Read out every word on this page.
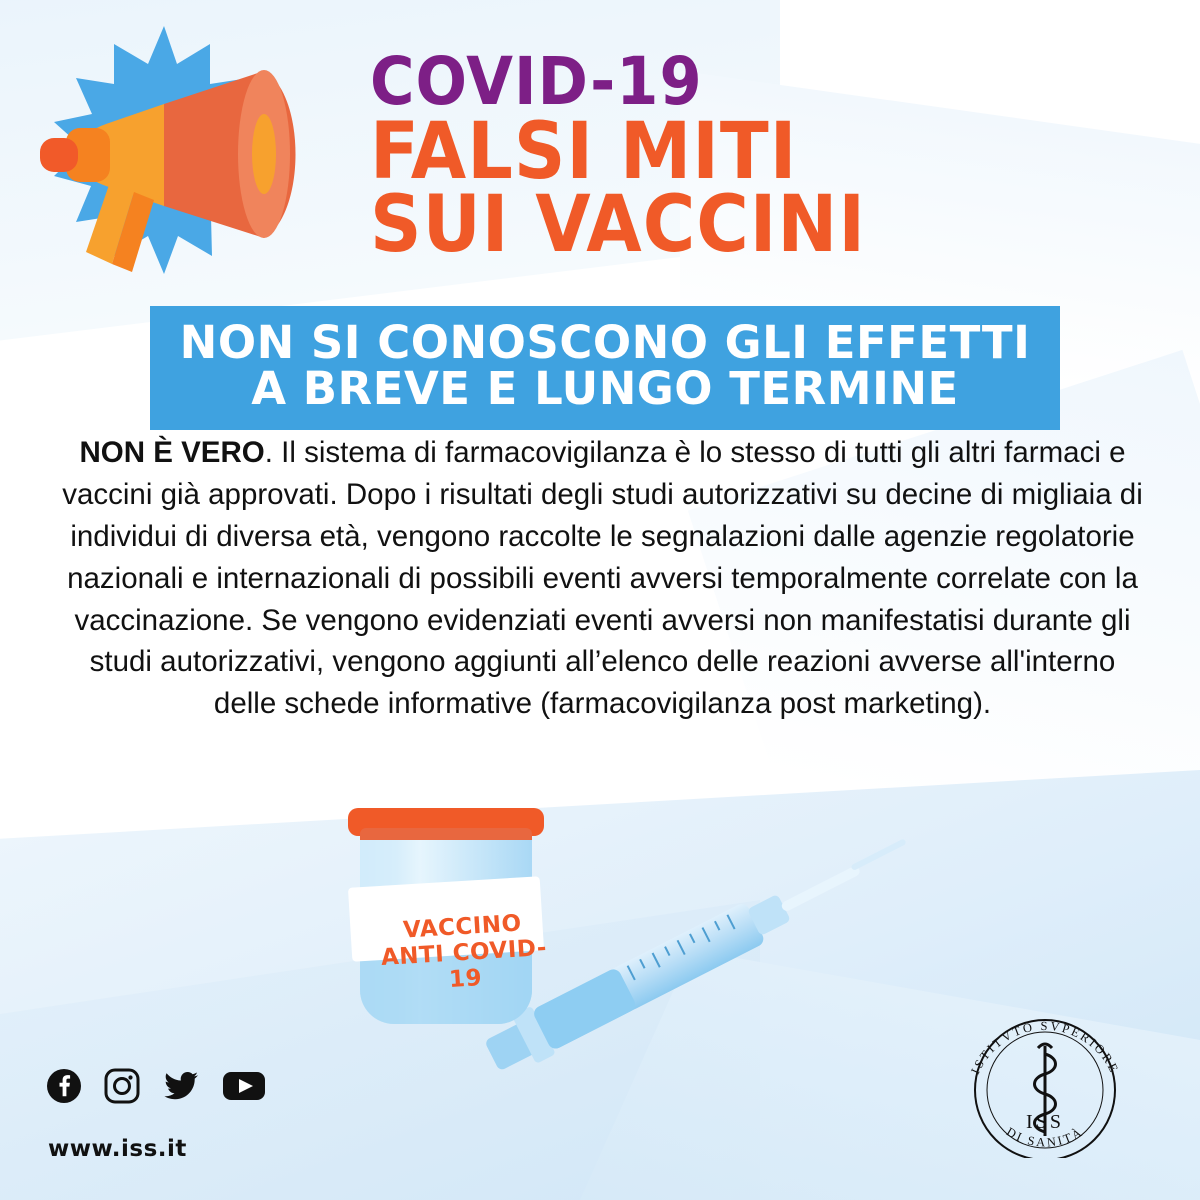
COVID-19
FALSI MITI
SUI VACCINI
NON SI CONOSCONO GLI EFFETTI
A BREVE E LUNGO TERMINE
NON È VERO. Il sistema di farmacovigilanza è lo stesso di tutti gli altri farmaci e vaccini già approvati. Dopo i risultati degli studi autorizzativi su decine di migliaia di individui di diversa età, vengono raccolte le segnalazioni dalle agenzie regolatorie nazionali e internazionali di possibili eventi avversi temporalmente correlate con la vaccinazione. Se vengono evidenziati eventi avversi non manifestatisi durante gli studi autorizzativi, vengono aggiunti all’elenco delle reazioni avverse all'interno delle schede informative (farmacovigilanza post marketing).
VACCINO
ANTI COVID-19
www.iss.it
ISTITVTO SVPERIORE
DI SANITÀ
ISS
